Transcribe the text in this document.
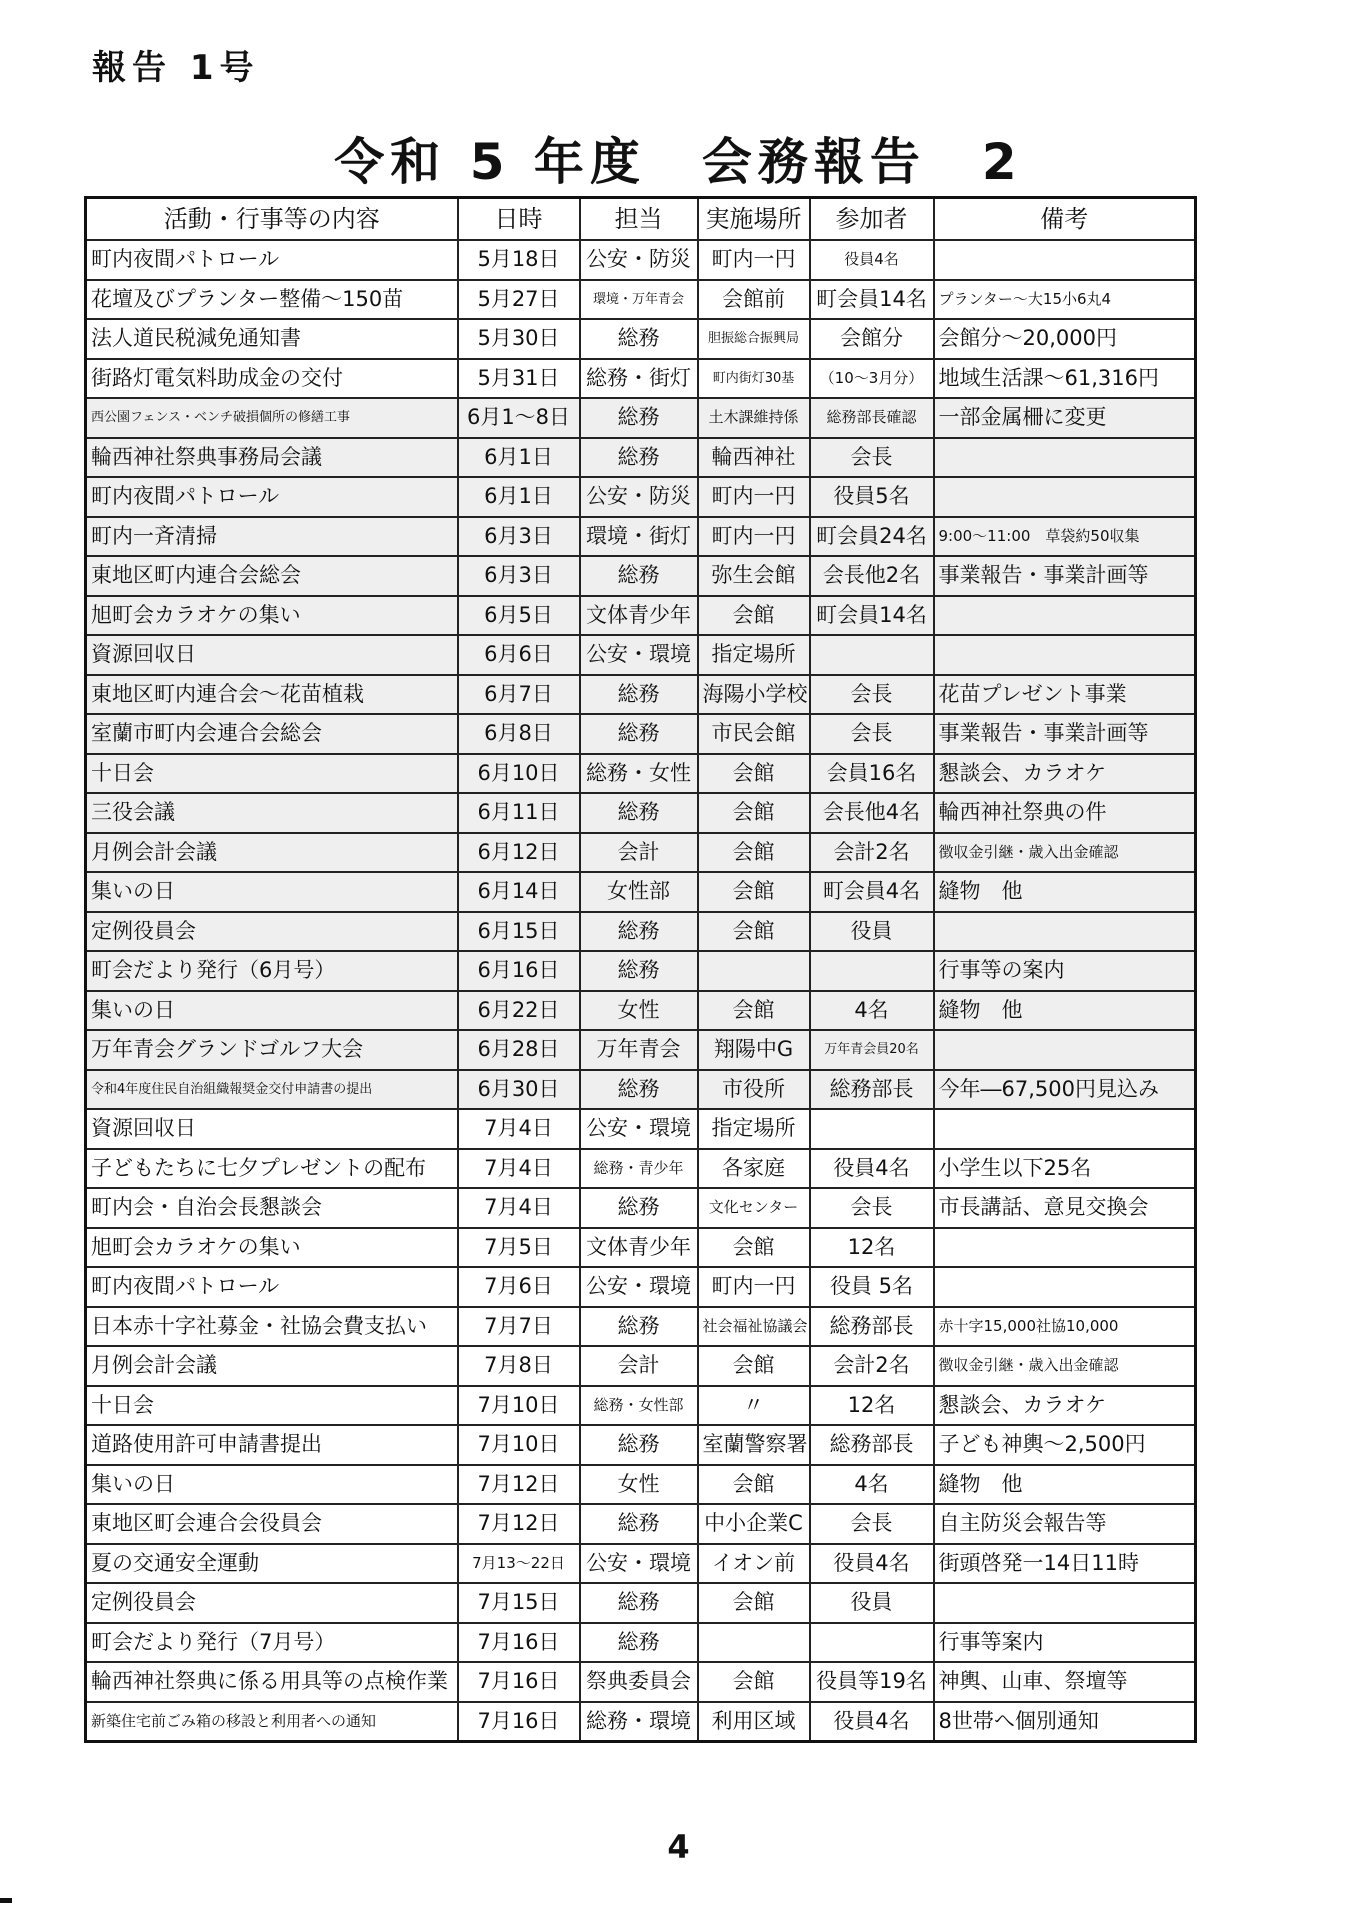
報告 1号
令和 5 年度　会務報告　2
活動・行事等の内容	日時	担当	実施場所	参加者	備考
町内夜間パトロール	5月18日	公安・防災	町内一円	役員4名	
花壇及びプランター整備～150苗	5月27日	環境・万年青会	会館前	町会員14名	プランター～大15小6丸4
法人道民税減免通知書	5月30日	総務	胆振総合振興局	会館分	会館分～20,000円
街路灯電気料助成金の交付	5月31日	総務・街灯	町内街灯30基	（10～3月分）	地域生活課～61,316円
西公園フェンス・ベンチ破損個所の修繕工事	6月1～8日	総務	土木課維持係	総務部長確認	一部金属柵に変更
輪西神社祭典事務局会議	6月1日	総務	輪西神社	会長	
町内夜間パトロール	6月1日	公安・防災	町内一円	役員5名	
町内一斉清掃	6月3日	環境・街灯	町内一円	町会員24名	9:00～11:00　草袋約50収集
東地区町内連合会総会	6月3日	総務	弥生会館	会長他2名	事業報告・事業計画等
旭町会カラオケの集い	6月5日	文体青少年	会館	町会員14名	
資源回収日	6月6日	公安・環境	指定場所		
東地区町内連合会～花苗植栽	6月7日	総務	海陽小学校	会長	花苗プレゼント事業
室蘭市町内会連合会総会	6月8日	総務	市民会館	会長	事業報告・事業計画等
十日会	6月10日	総務・女性	会館	会員16名	懇談会、カラオケ
三役会議	6月11日	総務	会館	会長他4名	輪西神社祭典の件
月例会計会議	6月12日	会計	会館	会計2名	徴収金引継・歳入出金確認
集いの日	6月14日	女性部	会館	町会員4名	縫物　他
定例役員会	6月15日	総務	会館	役員	
町会だより発行（6月号）	6月16日	総務			行事等の案内
集いの日	6月22日	女性	会館	4名	縫物　他
万年青会グランドゴルフ大会	6月28日	万年青会	翔陽中G	万年青会員20名	
令和4年度住民自治組織報奨金交付申請書の提出	6月30日	総務	市役所	総務部長	今年―67,500円見込み
資源回収日	7月4日	公安・環境	指定場所		
子どもたちに七夕プレゼントの配布	7月4日	総務・青少年	各家庭	役員4名	小学生以下25名
町内会・自治会長懇談会	7月4日	総務	文化センター	会長	市長講話、意見交換会
旭町会カラオケの集い	7月5日	文体青少年	会館	12名	
町内夜間パトロール	7月6日	公安・環境	町内一円	役員 5名	
日本赤十字社募金・社協会費支払い	7月7日	総務	社会福祉協議会	総務部長	赤十字15,000社協10,000
月例会計会議	7月8日	会計	会館	会計2名	徴収金引継・歳入出金確認
十日会	7月10日	総務・女性部	〃	12名	懇談会、カラオケ
道路使用許可申請書提出	7月10日	総務	室蘭警察署	総務部長	子ども神輿～2,500円
集いの日	7月12日	女性	会館	4名	縫物　他
東地区町会連合会役員会	7月12日	総務	中小企業C	会長	自主防災会報告等
夏の交通安全運動	7月13～22日	公安・環境	イオン前	役員4名	街頭啓発一14日11時
定例役員会	7月15日	総務	会館	役員	
町会だより発行（7月号）	7月16日	総務			行事等案内
輪西神社祭典に係る用具等の点検作業	7月16日	祭典委員会	会館	役員等19名	神輿、山車、祭壇等
新築住宅前ごみ箱の移設と利用者への通知	7月16日	総務・環境	利用区域	役員4名	8世帯へ個別通知
4
